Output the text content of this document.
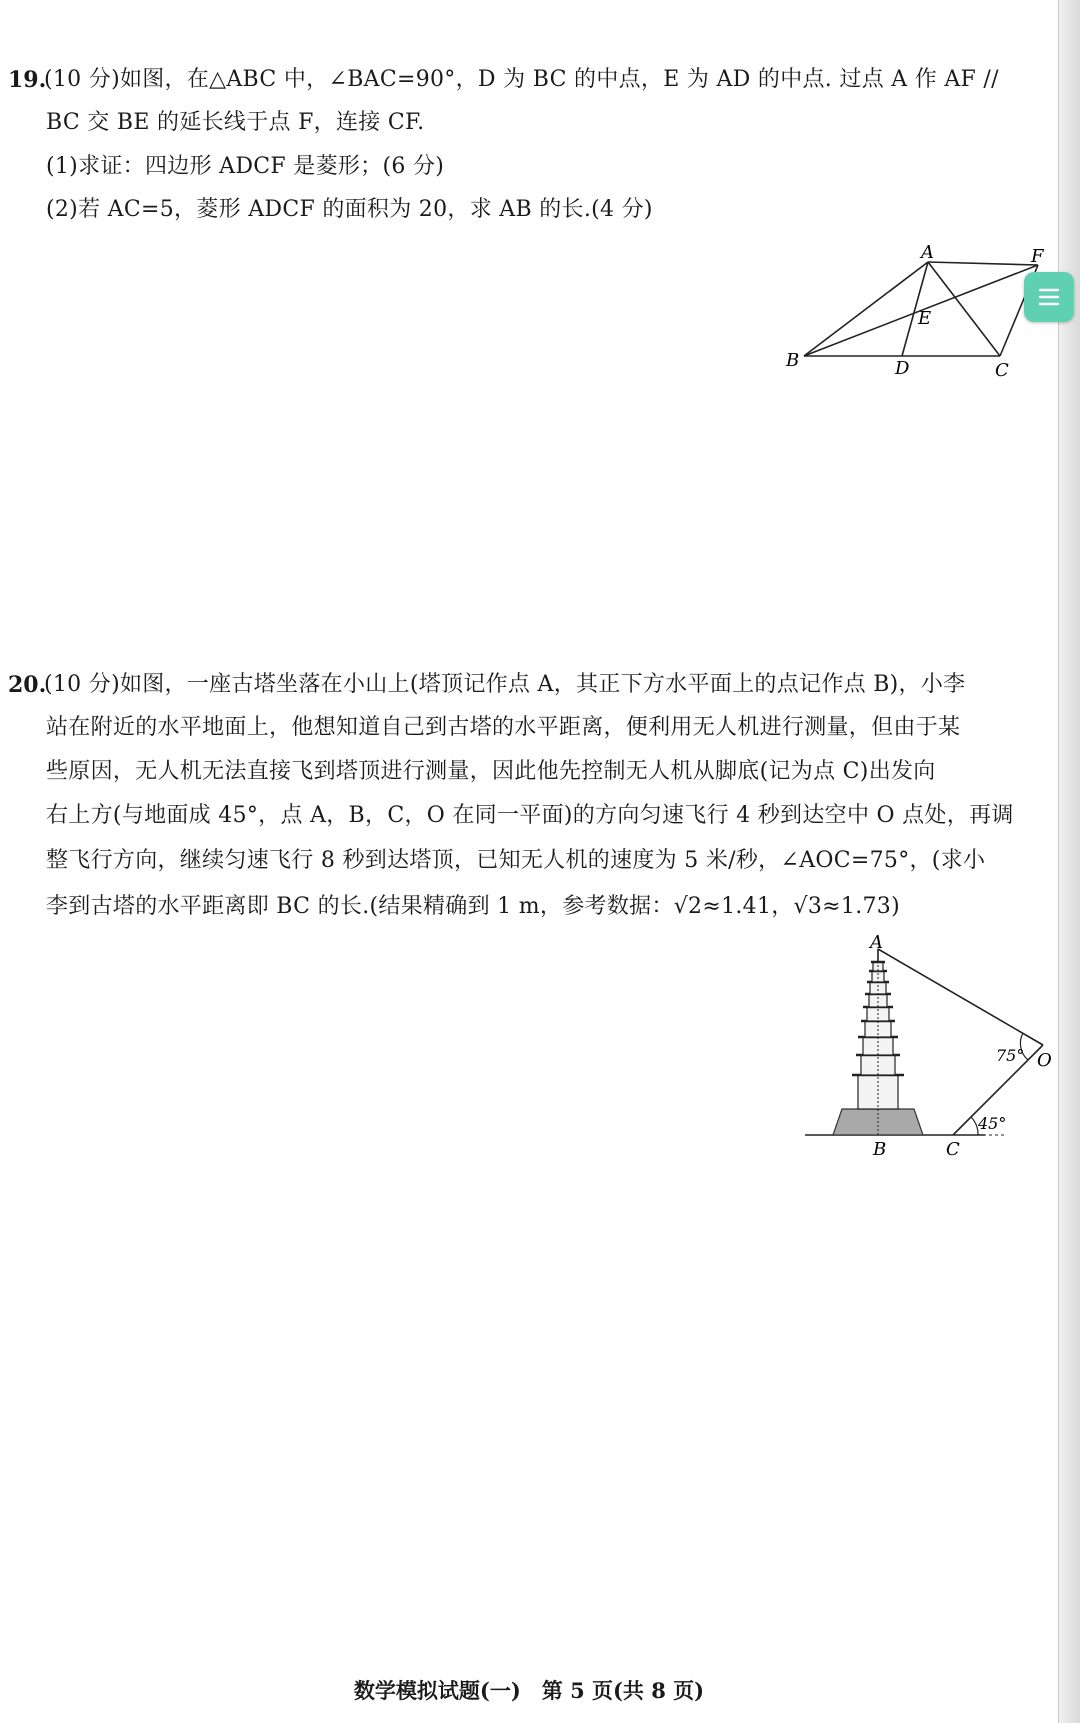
19.
(10 分)如图，在△ABC 中，∠BAC=90°，D 为 BC 的中点，E 为 AD 的中点. 过点 A 作 AF //
BC 交 BE 的延长线于点 F，连接 CF.
(1)求证：四边形 ADCF 是菱形；(6 分)
(2)若 AC=5，菱形 ADCF 的面积为 20，求 AB 的长.(4 分)
A	F
E
B	D	C
20.
(10 分)如图，一座古塔坐落在小山上(塔顶记作点 A，其正下方水平面上的点记作点 B)，小李
站在附近的水平地面上，他想知道自己到古塔的水平距离，便利用无人机进行测量，但由于某
些原因，无人机无法直接飞到塔顶进行测量，因此他先控制无人机从脚底(记为点 C)出发向
右上方(与地面成 45°，点 A，B，C，O 在同一平面)的方向匀速飞行 4 秒到达空中 O 点处，再调
整飞行方向，继续匀速飞行 8 秒到达塔顶，已知无人机的速度为 5 米/秒，∠AOC=75°，(求小
李到古塔的水平距离即 BC 的长.(结果精确到 1 m，参考数据：√2≈1.41，√3≈1.73)
A
O
75°
B	C
45°
数学模拟试题(一)　第 5 页(共 8 页)
